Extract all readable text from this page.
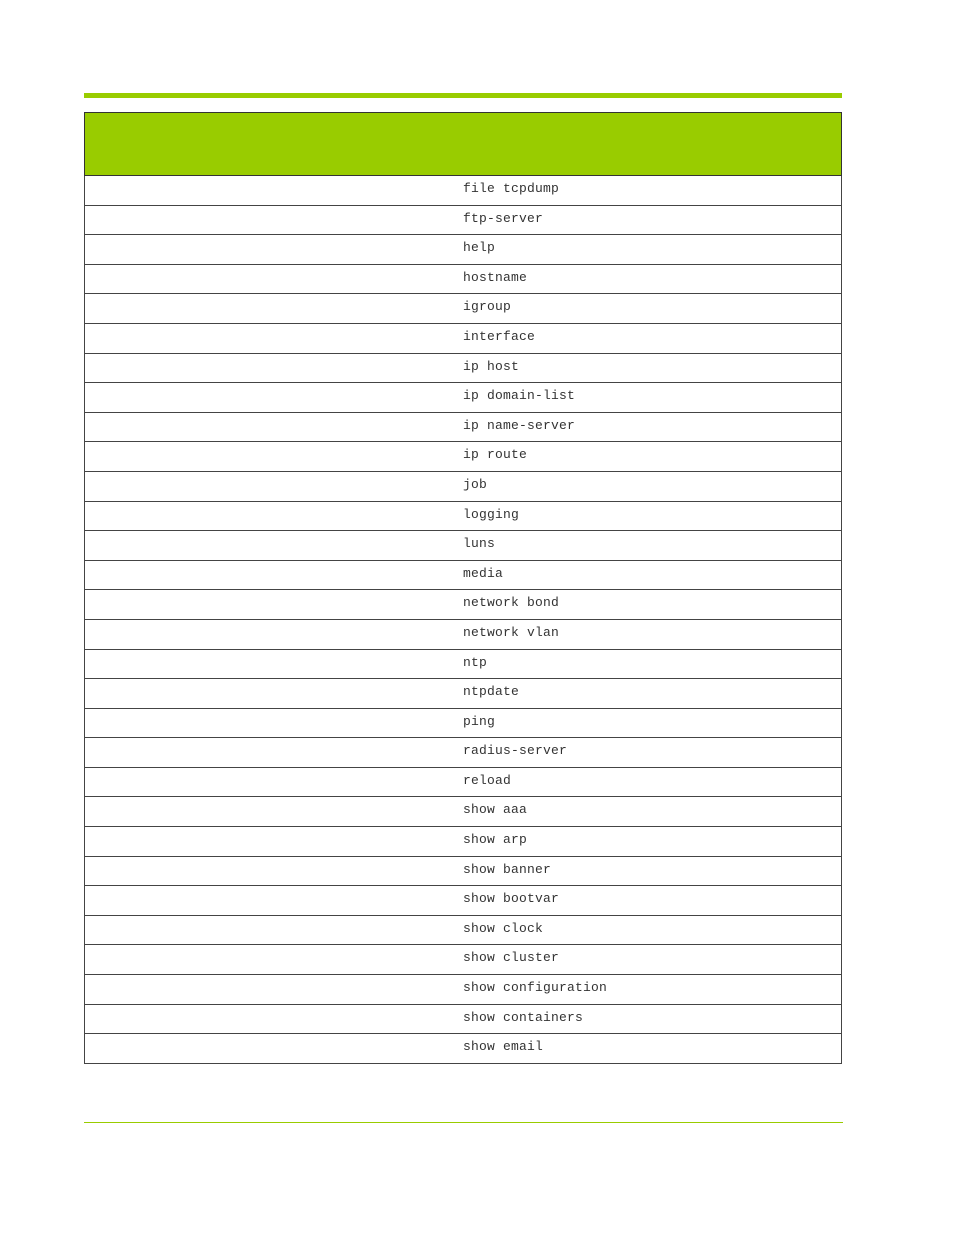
	file tcpdump

	ftp-server

	help

	hostname

	igroup

	interface

	ip host

	ip domain-list

	ip name-server

	ip route

	job

	logging

	luns

	media

	network bond

	network vlan

	ntp

	ntpdate

	ping

	radius-server

	reload

	show aaa

	show arp

	show banner

	show bootvar

	show clock

	show cluster

	show configuration

	show containers

	show email
